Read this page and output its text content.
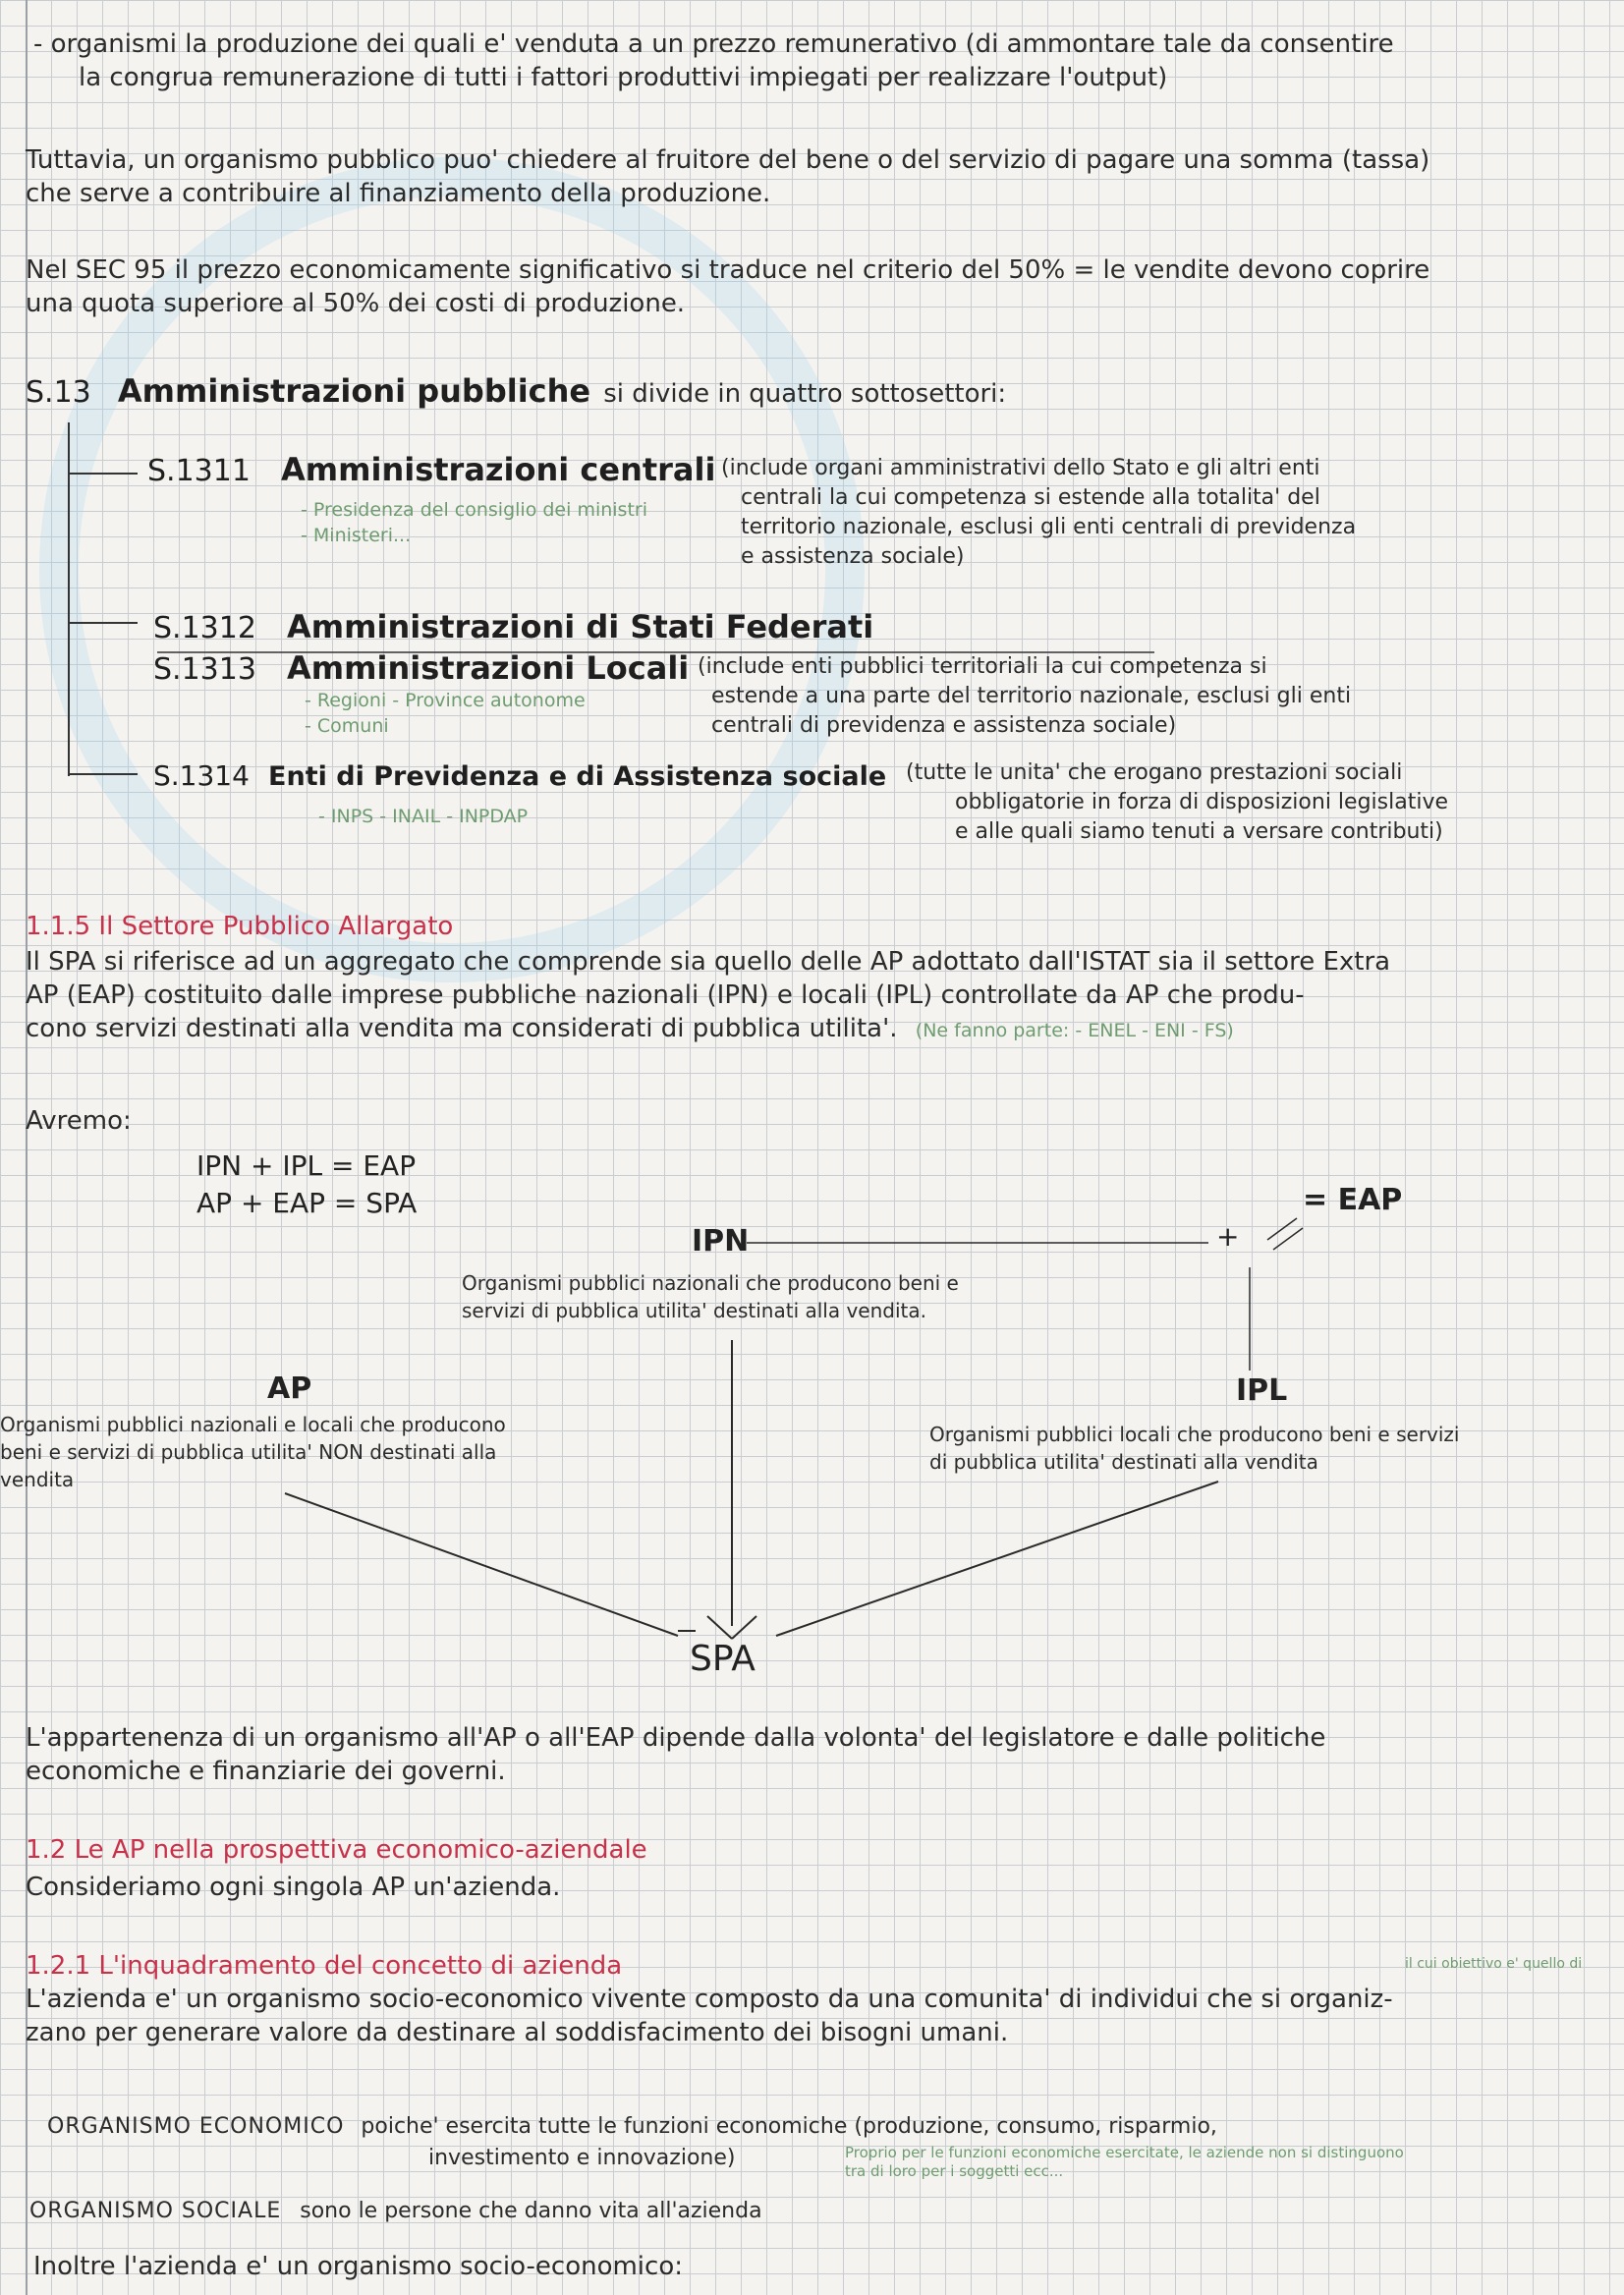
- organismi la produzione dei quali e' venduta a un prezzo remunerativo (di ammontare tale da consentire
la congrua remunerazione di tutti i fattori produttivi impiegati per realizzare l'output)
Tuttavia, un organismo pubblico puo' chiedere al fruitore del bene o del servizio di pagare una somma (tassa)
che serve a contribuire al finanziamento della produzione.
Nel SEC 95 il prezzo economicamente significativo si traduce nel criterio del 50% = le vendite devono coprire
una quota superiore al 50% dei costi di produzione.
S.13 Amministrazioni pubbliche si divide in quattro sottosettori:
S.1311 Amministrazioni centrali (include organi amministrativi dello Stato e gli altri enti
centrali la cui competenza si estende alla totalita' del
territorio nazionale, esclusi gli enti centrali di previdenza
e assistenza sociale)
- Presidenza del consiglio dei ministri
- Ministeri...
S.1312 Amministrazioni di Stati Federati
S.1313 Amministrazioni Locali (include enti pubblici territoriali la cui competenza si
estende a una parte del territorio nazionale, esclusi gli enti
centrali di previdenza e assistenza sociale)
- Regioni - Province autonome
- Comuni
S.1314 Enti di Previdenza e di Assistenza sociale (tutte le unita' che erogano prestazioni sociali
obbligatorie in forza di disposizioni legislative
e alle quali siamo tenuti a versare contributi)
- INPS - INAIL - INPDAP
1.1.5 Il Settore Pubblico Allargato
Il SPA si riferisce ad un aggregato che comprende sia quello delle AP adottato dall'ISTAT sia il settore Extra
AP (EAP) costituito dalle imprese pubbliche nazionali (IPN) e locali (IPL) controllate da AP che produ-
cono servizi destinati alla vendita ma considerati di pubblica utilita'. (Ne fanno parte: - ENEL - ENI - FS)
Avremo:
IPN + IPL = EAP
AP + EAP = SPA
IPN
Organismi pubblici nazionali che producono beni e
servizi di pubblica utilita' destinati alla vendita.
+
= EAP
AP
Organismi pubblici nazionali e locali che producono
beni e servizi di pubblica utilita' NON destinati alla
vendita
IPL
Organismi pubblici locali che producono beni e servizi
di pubblica utilita' destinati alla vendita
SPA
L'appartenenza di un organismo all'AP o all'EAP dipende dalla volonta' del legislatore e dalle politiche
economiche e finanziarie dei governi.
1.2 Le AP nella prospettiva economico-aziendale
Consideriamo ogni singola AP un'azienda.
1.2.1 L'inquadramento del concetto di azienda	il cui obiettivo e' quello di
L'azienda e' un organismo socio-economico vivente composto da una comunita' di individui che si organiz-
zano per generare valore da destinare al soddisfacimento dei bisogni umani.
ORGANISMO ECONOMICO poiche' esercita tutte le funzioni economiche (produzione, consumo, risparmio,
investimento e innovazione)	Proprio per le funzioni economiche esercitate, le aziende non si distinguono
tra di loro per i soggetti ecc...
ORGANISMO SOCIALE sono le persone che danno vita all'azienda
Inoltre l'azienda e' un organismo socio-economico:
